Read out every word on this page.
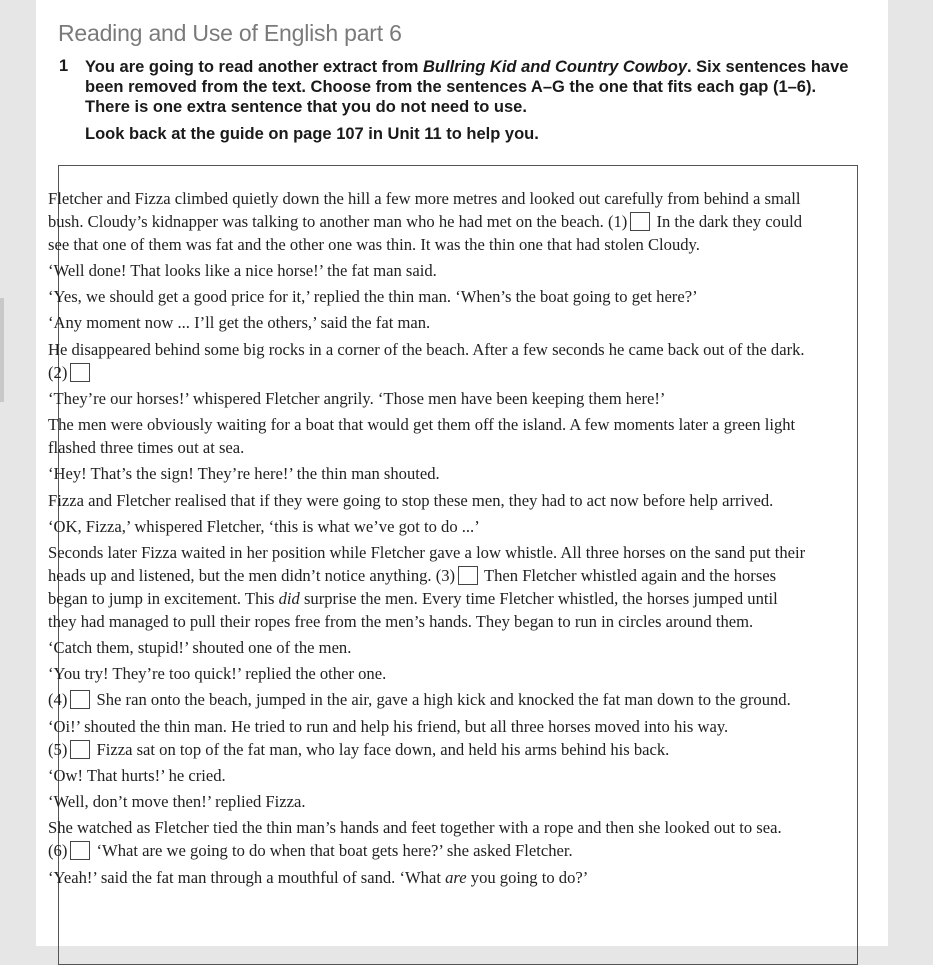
Reading and Use of English part 6
1 You are going to read another extract from Bullring Kid and Country Cowboy. Six sentences have been removed from the text. Choose from the sentences A–G the one that fits each gap (1–6). There is one extra sentence that you do not need to use.
Look back at the guide on page 107 in Unit 11 to help you.

Fletcher and Fizza climbed quietly down the hill a few more metres and looked out carefully from behind a small bush. Cloudy’s kidnapper was talking to another man who he had met on the beach. (1) In the dark they could see that one of them was fat and the other one was thin. It was the thin one that had stolen Cloudy.

‘Well done! That looks like a nice horse!’ the fat man said.

‘Yes, we should get a good price for it,’ replied the thin man. ‘When’s the boat going to get here?’

‘Any moment now ... I’ll get the others,’ said the fat man.

He disappeared behind some big rocks in a corner of the beach. After a few seconds he came back out of the dark. (2)

‘They’re our horses!’ whispered Fletcher angrily. ‘Those men have been keeping them here!’

The men were obviously waiting for a boat that would get them off the island. A few moments later a green light flashed three times out at sea.

‘Hey! That’s the sign! They’re here!’ the thin man shouted.

Fizza and Fletcher realised that if they were going to stop these men, they had to act now before help arrived.

‘OK, Fizza,’ whispered Fletcher, ‘this is what we’ve got to do ...’

Seconds later Fizza waited in her position while Fletcher gave a low whistle. All three horses on the sand put their heads up and listened, but the men didn’t notice anything. (3) Then Fletcher whistled again and the horses began to jump in excitement. This did surprise the men. Every time Fletcher whistled, the horses jumped until they had managed to pull their ropes free from the men’s hands. They began to run in circles around them.

‘Catch them, stupid!’ shouted one of the men.

‘You try! They’re too quick!’ replied the other one.

(4) She ran onto the beach, jumped in the air, gave a high kick and knocked the fat man down to the ground.

‘Oi!’ shouted the thin man. He tried to run and help his friend, but all three horses moved into his way.
(5) Fizza sat on top of the fat man, who lay face down, and held his arms behind his back.

‘Ow! That hurts!’ he cried.

‘Well, don’t move then!’ replied Fizza.

She watched as Fletcher tied the thin man’s hands and feet together with a rope and then she looked out to sea.
(6) ‘What are we going to do when that boat gets here?’ she asked Fletcher.

‘Yeah!’ said the fat man through a mouthful of sand. ‘What are you going to do?’
